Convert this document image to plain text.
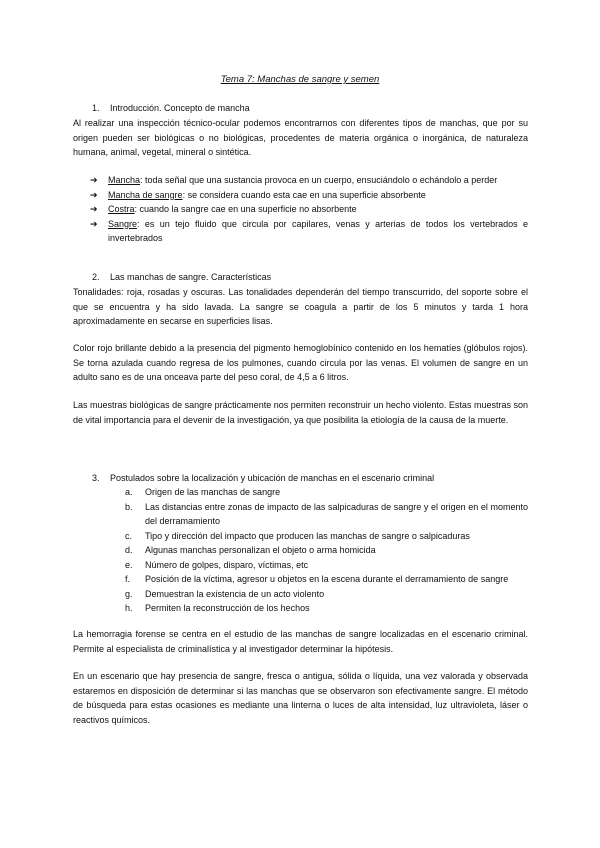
Tema 7: Manchas de sangre y semen
1. Introducción. Concepto de mancha

Al realizar una inspección técnico-ocular podemos encontrarnos con diferentes tipos de manchas, que por su origen pueden ser biológicas o no biológicas, procedentes de materia orgánica o inorgánica, de naturaleza humana, animal, vegetal, mineral o sintética.

➔ Mancha: toda señal que una sustancia provoca en un cuerpo, ensuciándolo o echándolo a perder
➔ Mancha de sangre: se considera cuando esta cae en una superficie absorbente
➔ Costra: cuando la sangre cae en una superficie no absorbente
➔ Sangre: es un tejo fluido que circula por capilares, venas y arterias de todos los vertebrados e invertebrados
2. Las manchas de sangre. Características

Tonalidades: roja, rosadas y oscuras. Las tonalidades dependerán del tiempo transcurrido, del soporte sobre el que se encuentra y ha sido lavada. La sangre se coagula a partir de los 5 minutos y tarda 1 hora aproximadamente en secarse en superficies lisas.

Color rojo brillante debido a la presencia del pigmento hemoglobínico contenido en los hematíes (glóbulos rojos). Se torna azulada cuando regresa de los pulmones, cuando circula por las venas. El volumen de sangre en un adulto sano es de una onceava parte del peso coral, de 4,5 a 6 litros.

Las muestras biológicas de sangre prácticamente nos permiten reconstruir un hecho violento. Estas muestras son de vital importancia para el devenir de la investigación, ya que posibilita la etiología de la causa de la muerte.

3. Postulados sobre la localización y ubicación de manchas en el escenario criminal
a. Origen de las manchas de sangre
b. Las distancias entre zonas de impacto de las salpicaduras de sangre y el origen en el momento del derramamiento
c. Tipo y dirección del impacto que producen las manchas de sangre o salpicaduras
d. Algunas manchas personalizan el objeto o arma homicida
e. Número de golpes, disparo, víctimas, etc
f. Posición de la víctima, agresor u objetos en la escena durante el derramamiento de sangre
g. Demuestran la existencia de un acto violento
h. Permiten la reconstrucción de los hechos

La hemorragia forense se centra en el estudio de las manchas de sangre localizadas en el escenario criminal. Permite al especialista de criminalística y al investigador determinar la hipótesis.

En un escenario que hay presencia de sangre, fresca o antigua, sólida o líquida, una vez valorada y observada estaremos en disposición de determinar si las manchas que se observaron son efectivamente sangre. El método de búsqueda para estas ocasiones es mediante una linterna o luces de alta intensidad, luz ultravioleta, láser o reactivos químicos.
